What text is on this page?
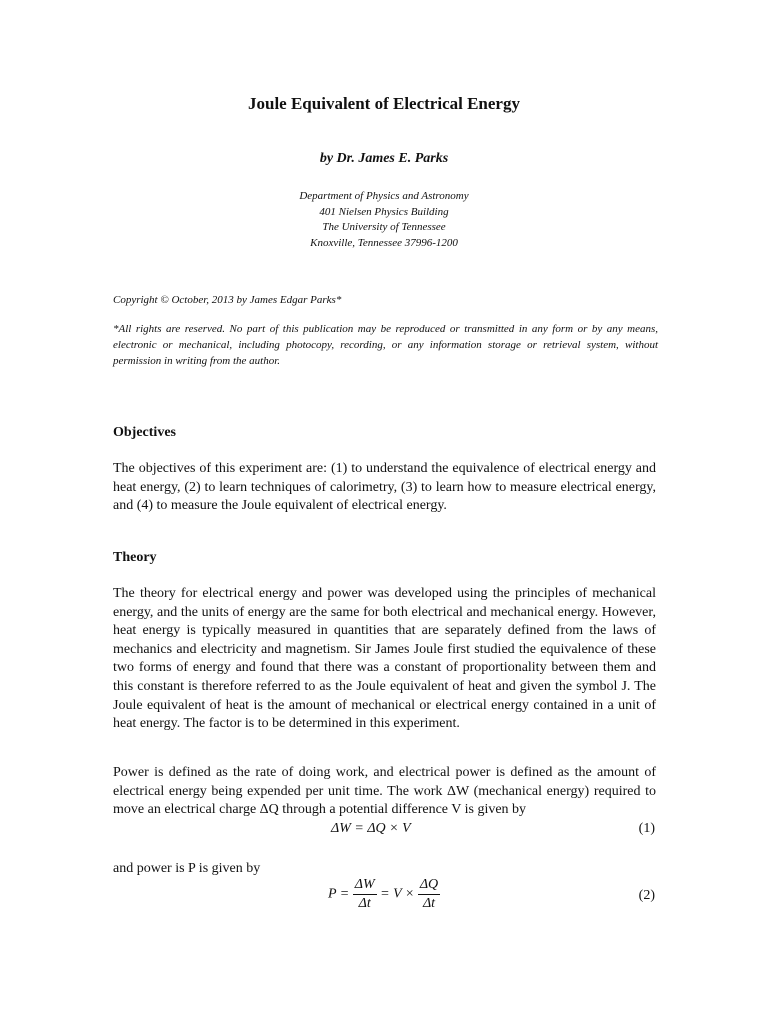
Joule Equivalent of Electrical Energy
by Dr. James E. Parks
Department of Physics and Astronomy
401 Nielsen Physics Building
The University of Tennessee
Knoxville, Tennessee 37996-1200
Copyright © October, 2013 by James Edgar Parks*
*All rights are reserved. No part of this publication may be reproduced or transmitted in any form or by any means, electronic or mechanical, including photocopy, recording, or any information storage or retrieval system, without permission in writing from the author.
Objectives
The objectives of this experiment are: (1) to understand the equivalence of electrical energy and heat energy, (2) to learn techniques of calorimetry, (3) to learn how to measure electrical energy, and (4) to measure the Joule equivalent of electrical energy.
Theory
The theory for electrical energy and power was developed using the principles of mechanical energy, and the units of energy are the same for both electrical and mechanical energy. However, heat energy is typically measured in quantities that are separately defined from the laws of mechanics and electricity and magnetism. Sir James Joule first studied the equivalence of these two forms of energy and found that there was a constant of proportionality between them and this constant is therefore referred to as the Joule equivalent of heat and given the symbol J. The Joule equivalent of heat is the amount of mechanical or electrical energy contained in a unit of heat energy. The factor is to be determined in this experiment.
Power is defined as the rate of doing work, and electrical power is defined as the amount of electrical energy being expended per unit time. The work ΔW (mechanical energy) required to move an electrical charge ΔQ through a potential difference V is given by
ΔW = ΔQ × V	(1)
and power is P is given by
$P = \frac{\Delta W}{\Delta t} = V \times \frac{\Delta Q}{\Delta t}$	(2)
